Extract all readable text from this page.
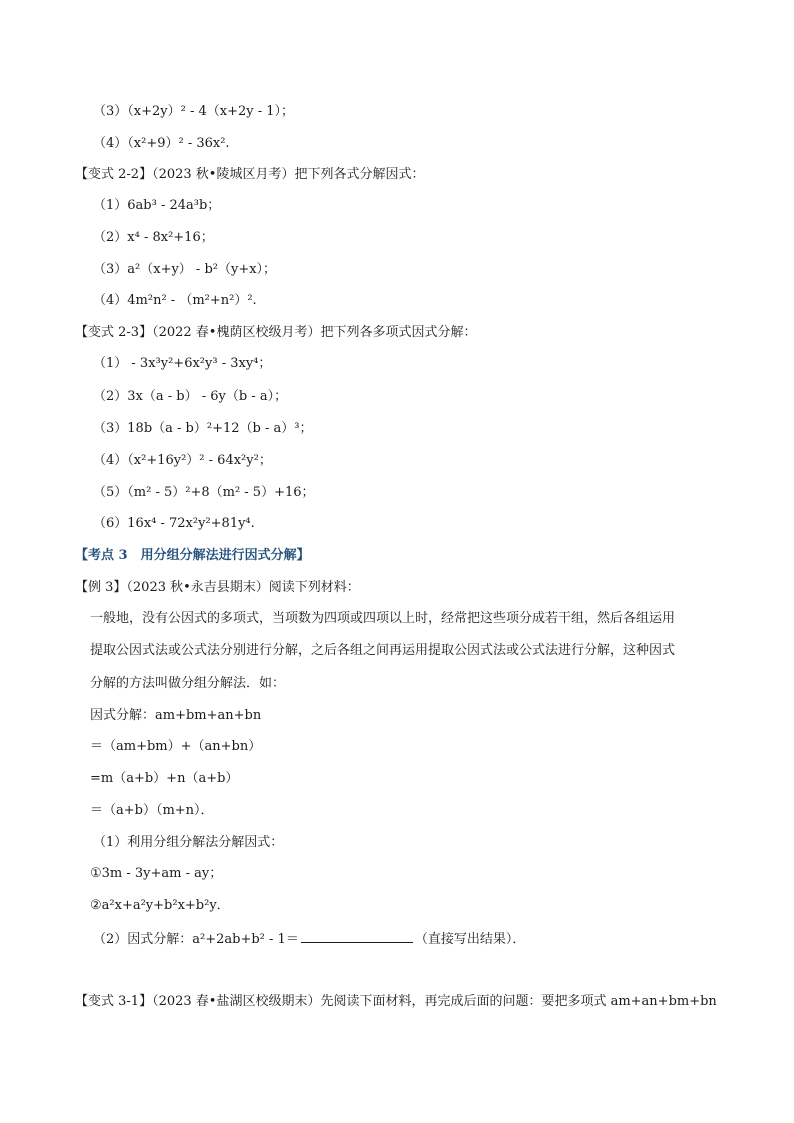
（3）（x+2y）² - 4（x+2y - 1）；
（4）（x²+9）² - 36x².
【变式 2-2】（2023 秋•陵城区月考）把下列各式分解因式：
（1）6ab³ - 24a³b；
（2）x⁴ - 8x²+16；
（3）a²（x+y） - b²（y+x）；
（4）4m²n² - （m²+n²）².
【变式 2-3】（2022 春•槐荫区校级月考）把下列各多项式因式分解：
（1） - 3x³y²+6x²y³ - 3xy⁴；
（2）3x（a - b） - 6y（b - a）；
（3）18b（a - b）²+12（b - a）³；
（4）（x²+16y²）² - 64x²y²；
（5）（m² - 5）²+8（m² - 5）+16；
（6）16x⁴ - 72x²y²+81y⁴.
【考点 3　用分组分解法进行因式分解】
【例 3】（2023 秋•永吉县期末）阅读下列材料：
一般地，没有公因式的多项式，当项数为四项或四项以上时，经常把这些项分成若干组，然后各组运用
提取公因式法或公式法分别进行分解，之后各组之间再运用提取公因式法或公式法进行分解，这种因式
分解的方法叫做分组分解法．如：
因式分解：am+bm+an+bn
＝（am+bm）+（an+bn）
=m（a+b）+n（a+b）
＝（a+b）（m+n）．
（1）利用分组分解法分解因式：
①3m - 3y+am - ay；
②a²x+a²y+b²x+b²y．
（2）因式分解：a²+2ab+b² - 1＝	（直接写出结果）．
【变式 3-1】（2023 春•盐湖区校级期末）先阅读下面材料，再完成后面的问题：要把多项式 am+an+bm+bn
